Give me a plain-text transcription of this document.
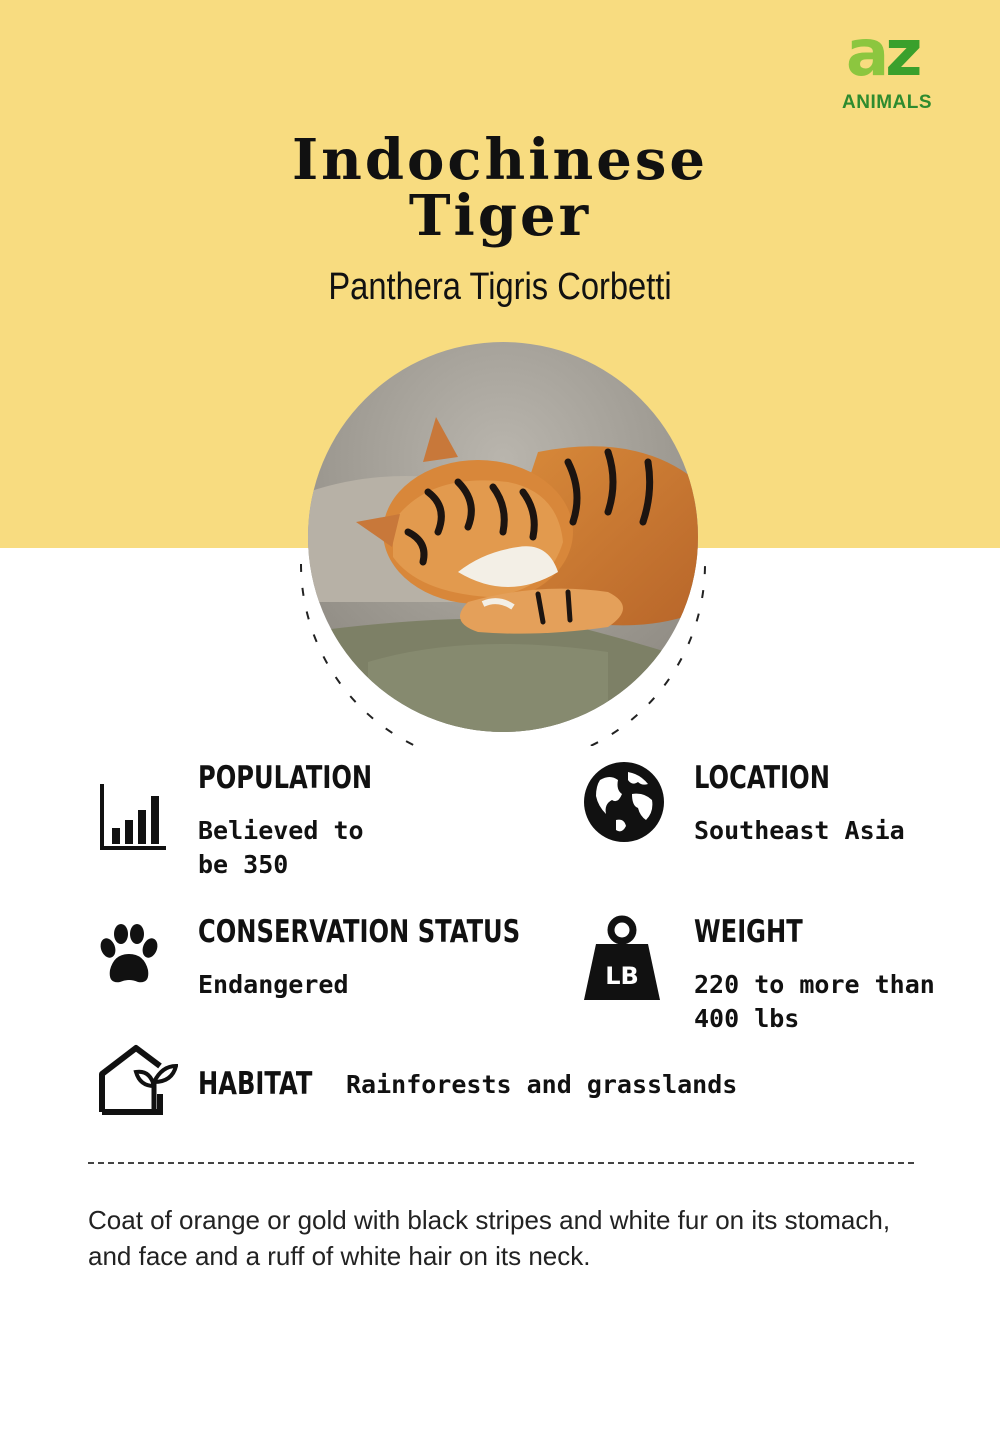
az
ANIMALS
Indochinese
Tiger
Panthera Tigris Corbetti
POPULATION
Believed to be 350
LOCATION
Southeast Asia
CONSERVATION STATUS
Endangered	LB
WEIGHT
220 to more than 400 lbs
HABITAT Rainforests and grasslands
Coat of orange or gold with black stripes and white fur on its stomach, and face and a ruff of white hair on its neck.
